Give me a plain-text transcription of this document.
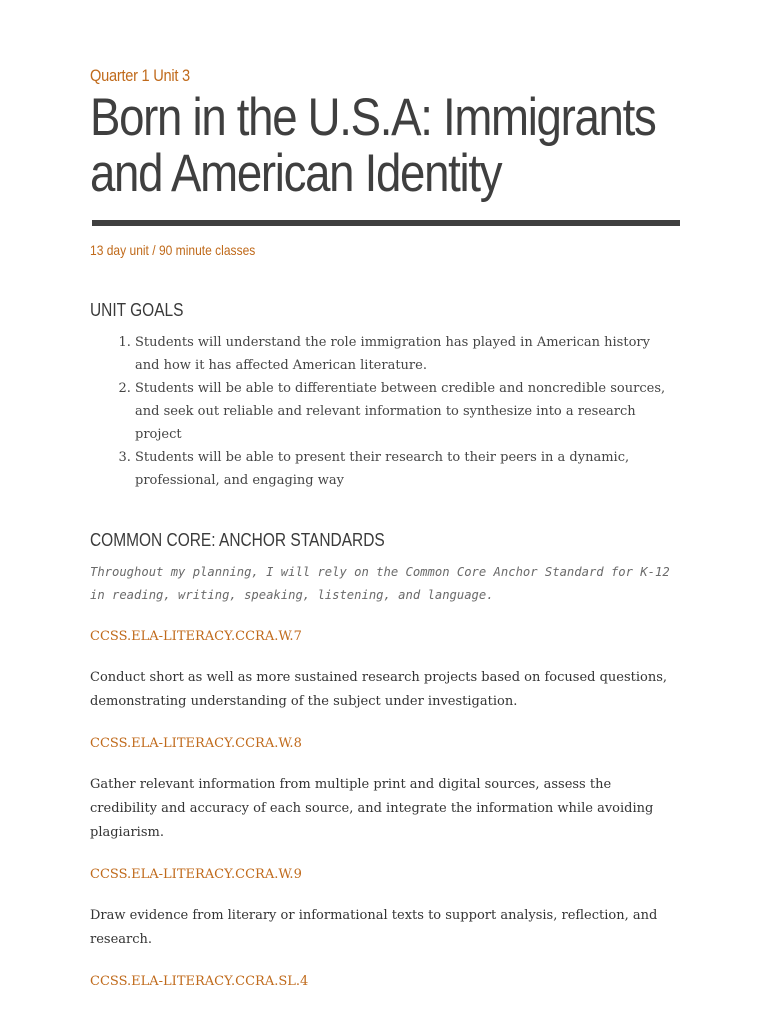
Quarter 1 Unit 3
Born in the U.S.A: Immigrants and American Identity
13 day unit / 90 minute classes
UNIT GOALS
1. Students will understand the role immigration has played in American history and how it has affected American literature.
2. Students will be able to differentiate between credible and noncredible sources, and seek out reliable and relevant information to synthesize into a research project
3. Students will be able to present their research to their peers in a dynamic, professional, and engaging way
COMMON CORE: ANCHOR STANDARDS
Throughout my planning, I will rely on the Common Core Anchor Standard for K-12 in reading, writing, speaking, listening, and language.
CCSS.ELA-LITERACY.CCRA.W.7
Conduct short as well as more sustained research projects based on focused questions, demonstrating understanding of the subject under investigation.
CCSS.ELA-LITERACY.CCRA.W.8
Gather relevant information from multiple print and digital sources, assess the credibility and accuracy of each source, and integrate the information while avoiding plagiarism.
CCSS.ELA-LITERACY.CCRA.W.9
Draw evidence from literary or informational texts to support analysis, reflection, and research.
CCSS.ELA-LITERACY.CCRA.SL.4
